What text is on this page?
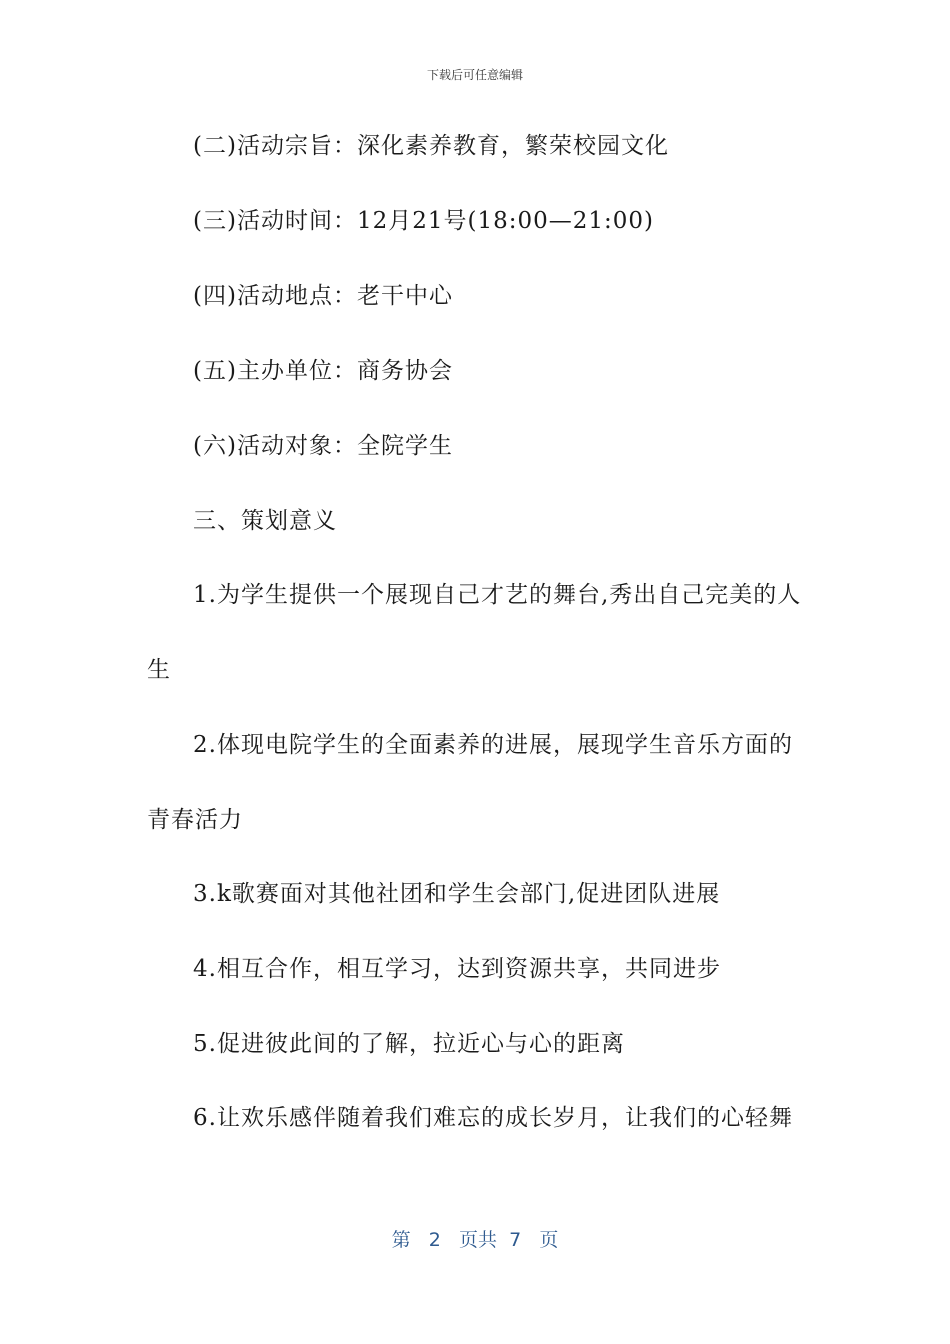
下载后可任意编辑
(二)活动宗旨：深化素养教育，繁荣校园文化
(三)活动时间：12月21号(18:00—21:00)
(四)活动地点：老干中心
(五)主办单位：商务协会
(六)活动对象：全院学生
三、策划意义
1.为学生提供一个展现自己才艺的舞台,秀出自己完美的人
生
2.体现电院学生的全面素养的进展，展现学生音乐方面的
青春活力
3.k歌赛面对其他社团和学生会部门,促进团队进展
4.相互合作，相互学习，达到资源共享，共同进步
5.促进彼此间的了解，拉近心与心的距离
6.让欢乐感伴随着我们难忘的成长岁月，让我们的心轻舞
第 2 页共 7 页
